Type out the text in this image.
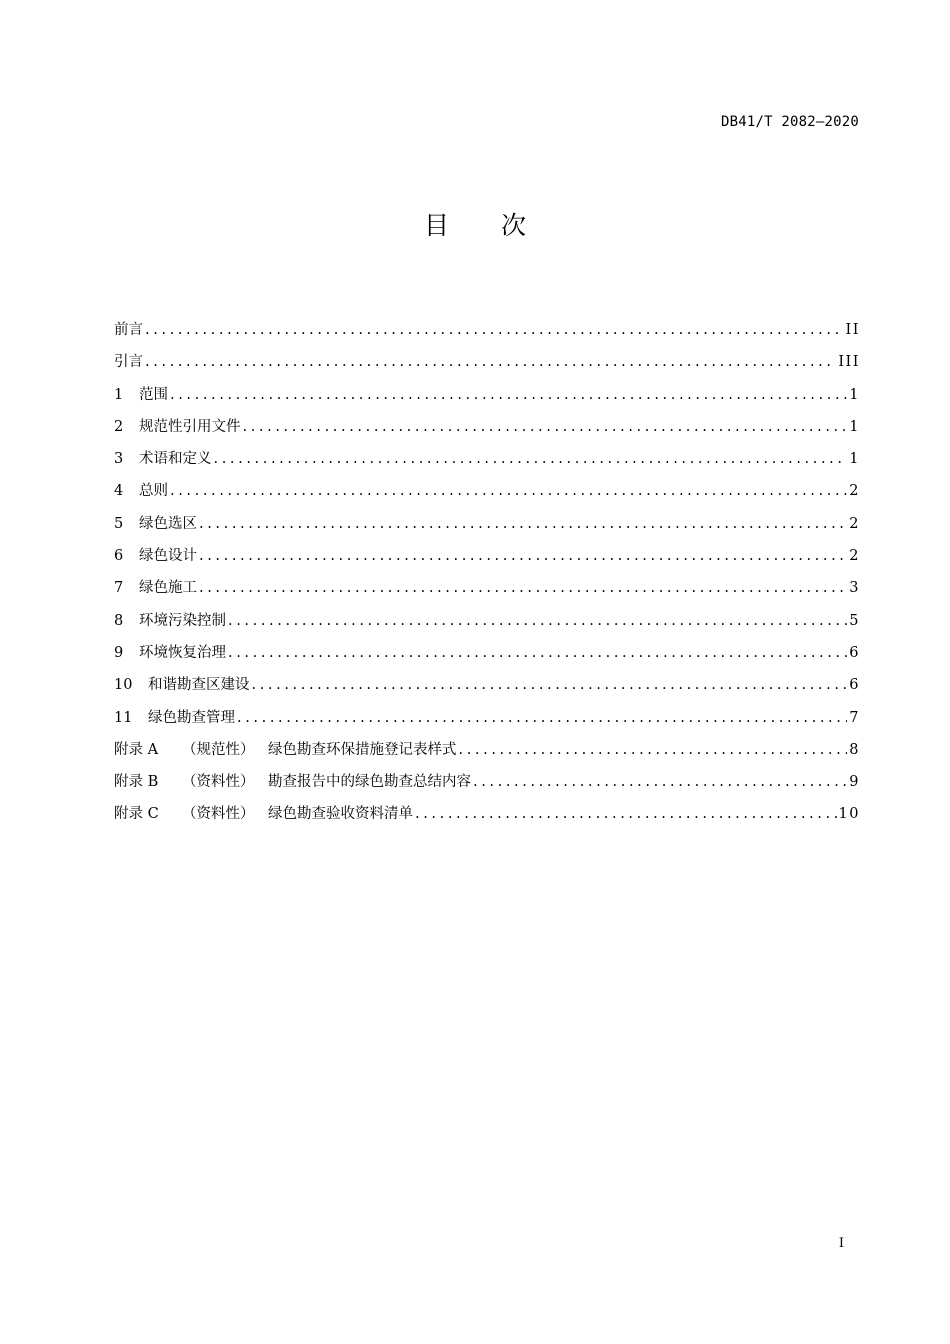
DB41/T 2082—2020
目 次
前言 .....	II
引言 .....	III
1	范围 .....	1
2	规范性引用文件 .....	1
3	术语和定义 .....	1
4	总则 .....	2
5	绿色选区 .....	2
6	绿色设计 .....	2
7	绿色施工 .....	3
8	环境污染控制 .....	5
9	环境恢复治理 .....	6
10	和谐勘查区建设 .....	6
11	绿色勘查管理 .....	7
附录 A	（规范性） 绿色勘查环保措施登记表样式 .....	8
附录 B	（资料性） 勘查报告中的绿色勘查总结内容 .....	9
附录 C	（资料性） 绿色勘查验收资料清单 .....	10
I
